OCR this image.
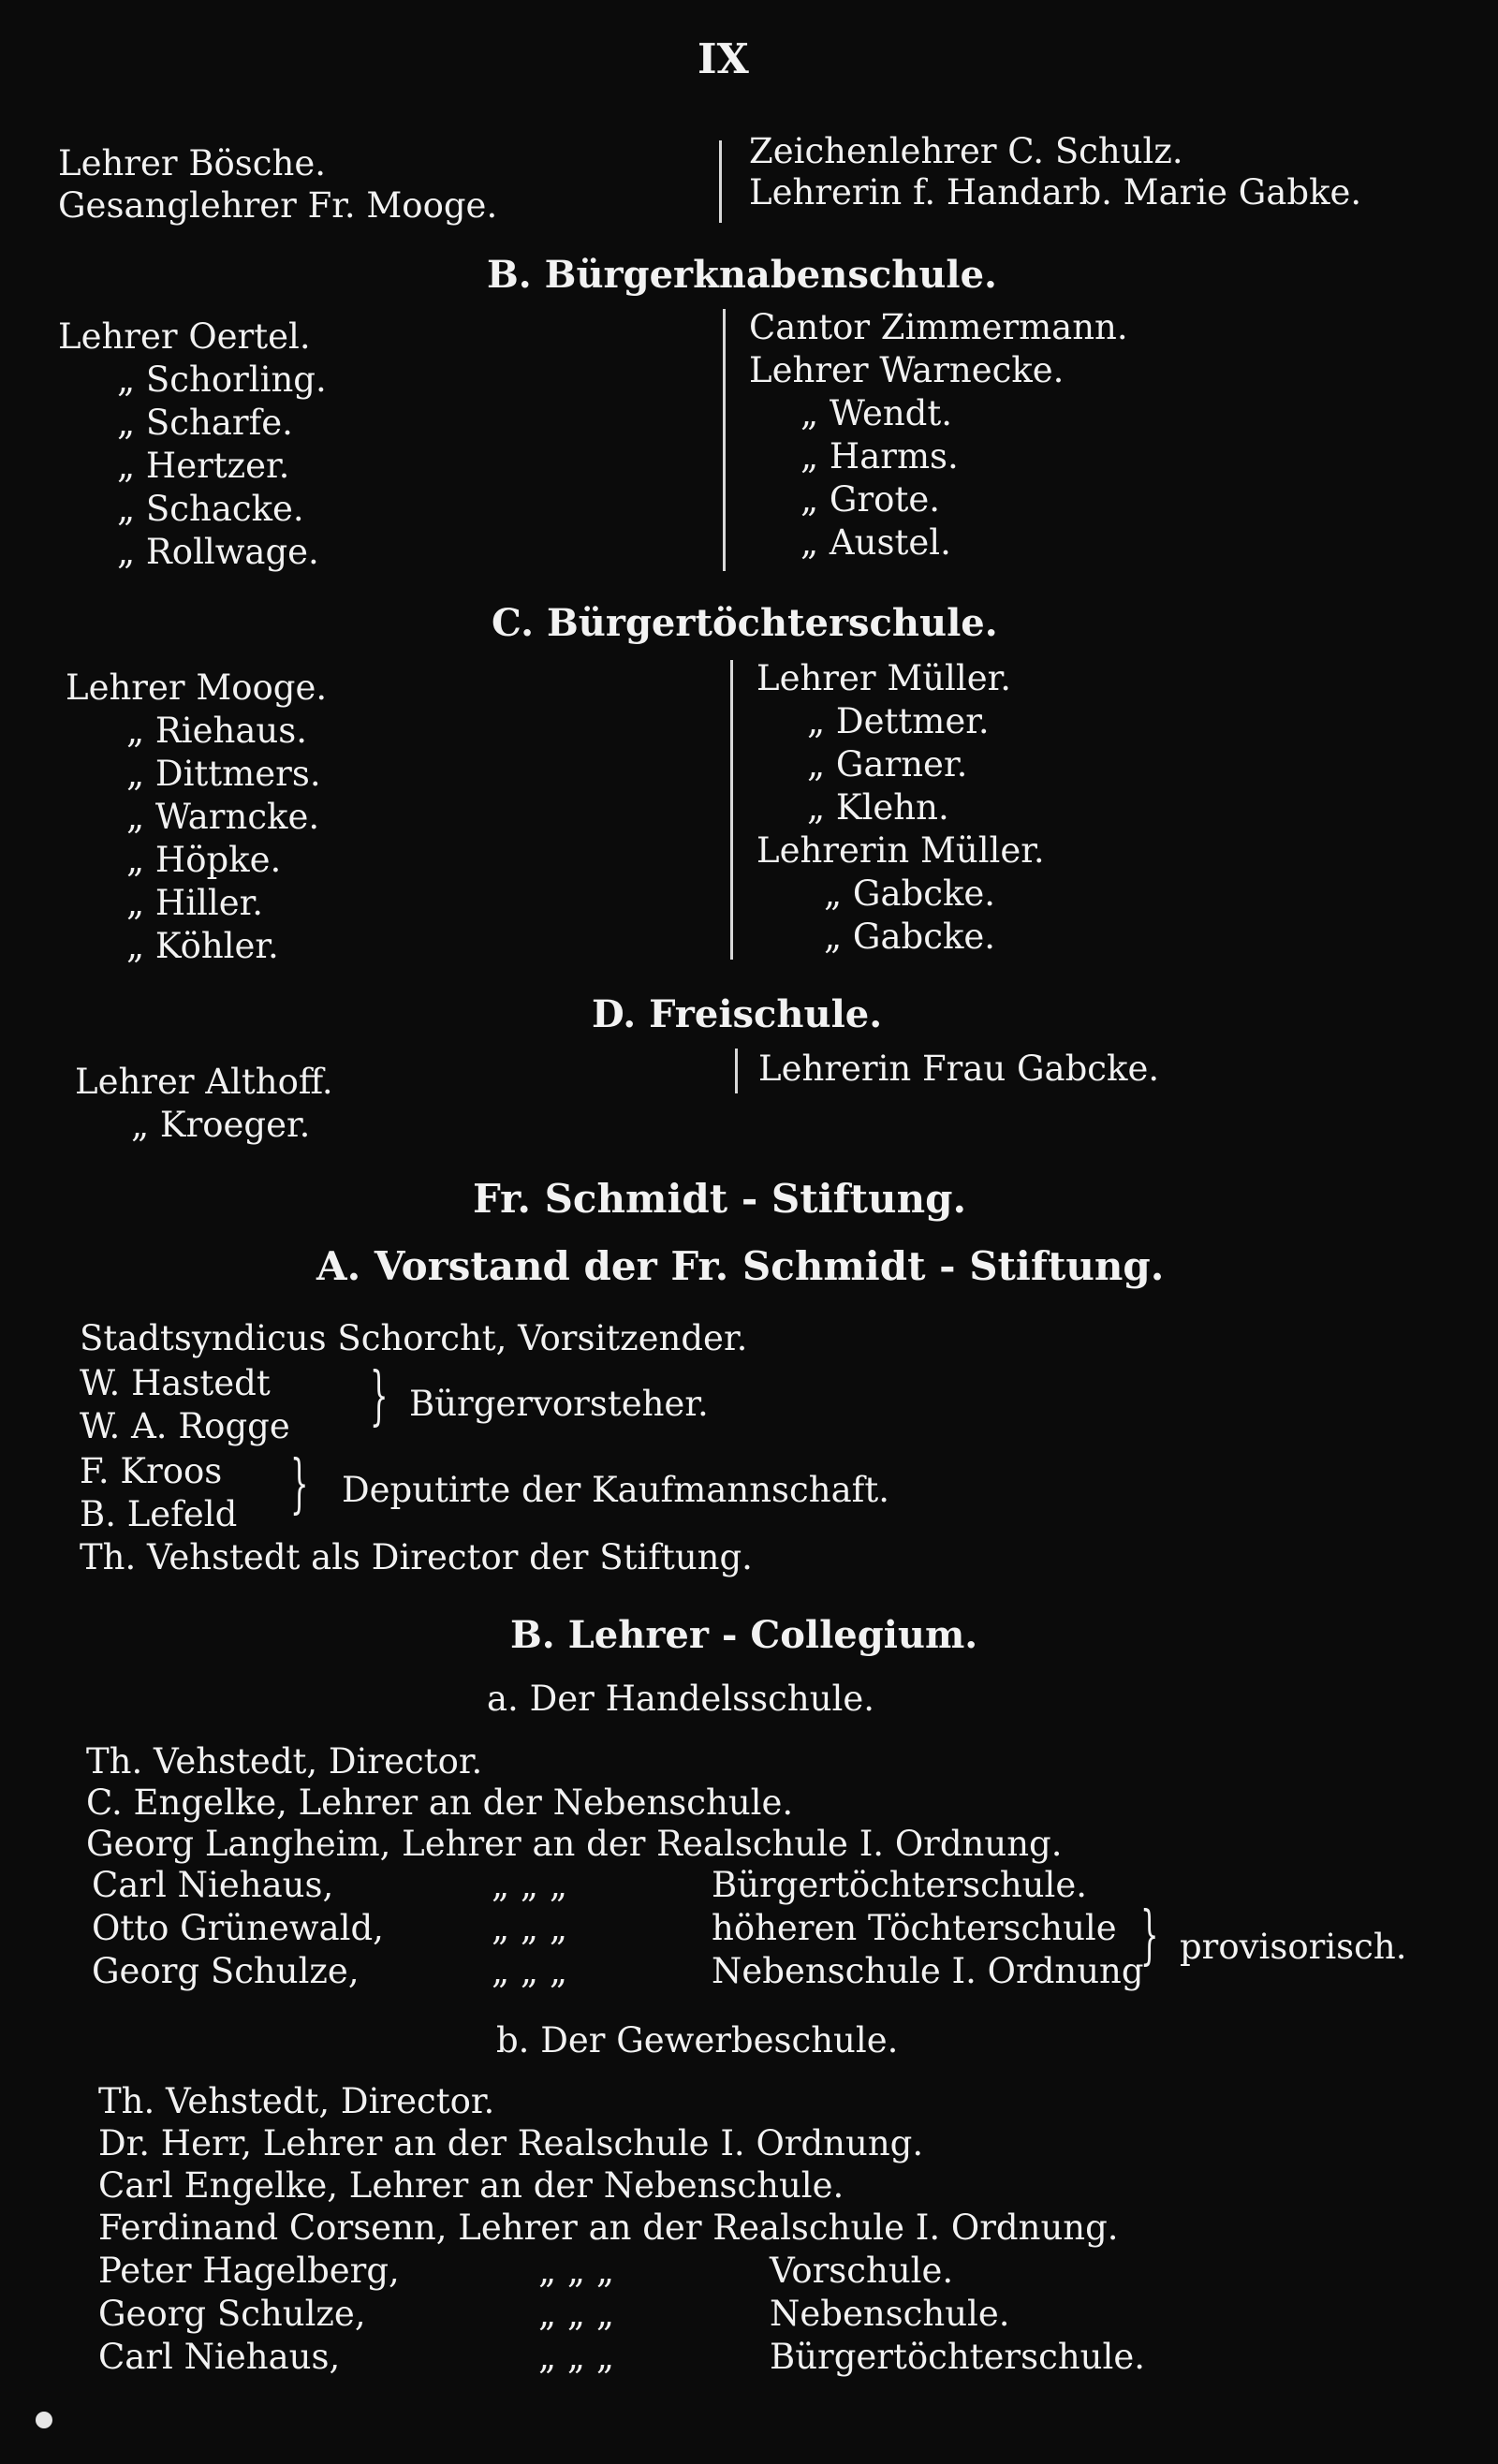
IX
Lehrer Bösche.
Gesanglehrer Fr. Mooge.
Zeichenlehrer C. Schulz.
Lehrerin f. Handarb. Marie Gabke.
B. Bürgerknabenschule.
Lehrer Oertel.
„ Schorling.
„ Scharfe.
„ Hertzer.
„ Schacke.
„ Rollwage.
Cantor Zimmermann.
Lehrer Warnecke.
„ Wendt.
„ Harms.
„ Grote.
„ Austel.
C. Bürgertöchterschule.
Lehrer Mooge.
„ Riehaus.
„ Dittmers.
„ Warncke.
„ Höpke.
„ Hiller.
„ Köhler.
Lehrer Müller.
„ Dettmer.
„ Garner.
„ Klehn.
Lehrerin Müller.
„ Gabcke.
„ Gabcke.
D. Freischule.
Lehrer Althoff.
„ Kroeger.
Lehrerin Frau Gabcke.
Fr. Schmidt - Stiftung.
A. Vorstand der Fr. Schmidt - Stiftung.
Stadtsyndicus Schorcht, Vorsitzender.
W. Hastedt
W. A. Rogge } Bürgervorsteher.
F. Kroos
B. Lefeld } Deputirte der Kaufmannschaft.
Th. Vehstedt als Director der Stiftung.
B. Lehrer - Collegium.
a. Der Handelsschule.
Th. Vehstedt, Director.
C. Engelke, Lehrer an der Nebenschule.
Georg Langheim, Lehrer an der Realschule I. Ordnung.
Carl Niehaus,	„ „ „	Bürgertöchterschule.
Otto Grünewald,	„ „ „	höheren Töchterschule
Georg Schulze,	„ „ „	Nebenschule I. Ordnung
} provisorisch.
b. Der Gewerbeschule.
Th. Vehstedt, Director.
Dr. Herr, Lehrer an der Realschule I. Ordnung.
Carl Engelke, Lehrer an der Nebenschule.
Ferdinand Corsenn, Lehrer an der Realschule I. Ordnung.
Peter Hagelberg,	„ „ „	Vorschule.
Georg Schulze,	„ „ „	Nebenschule.
Carl Niehaus,	„ „ „	Bürgertöchterschule.
